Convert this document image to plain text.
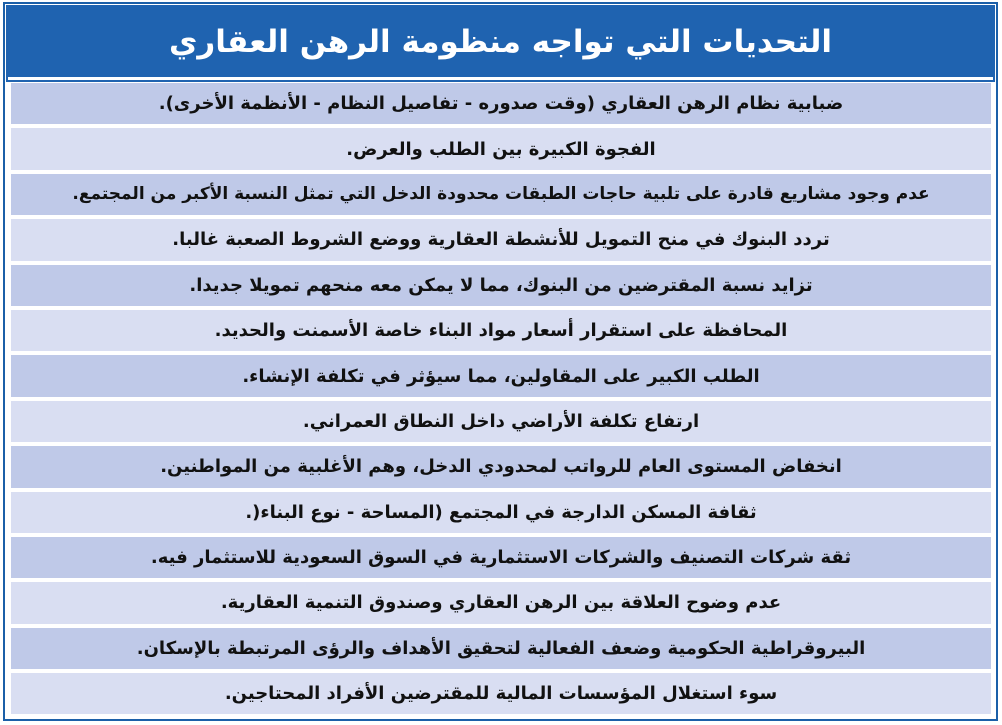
التحديات التي تواجه منظومة الرهن العقاري
ضبابية نظام الرهن العقاري (وقت صدوره - تفاصيل النظام - الأنظمة الأخرى).
الفجوة الكبيرة بين الطلب والعرض.
عدم وجود مشاريع قادرة على تلبية حاجات الطبقات محدودة الدخل التي تمثل النسبة الأكبر من المجتمع.
تردد البنوك في منح التمويل للأنشطة العقارية ووضع الشروط الصعبة غالبا.
تزايد نسبة المقترضين من البنوك، مما لا يمكن معه منحهم تمويلا جديدا.
المحافظة على استقرار أسعار مواد البناء خاصة الأسمنت والحديد.
الطلب الكبير على المقاولين، مما سيؤثر في تكلفة الإنشاء.
ارتفاع تكلفة الأراضي داخل النطاق العمراني.
انخفاض المستوى العام للرواتب لمحدودي الدخل، وهم الأغلبية من المواطنين.
ثقافة المسكن الدارجة في المجتمع (المساحة - نوع البناء(.
ثقة شركات التصنيف والشركات الاستثمارية في السوق السعودية للاستثمار فيه.
عدم وضوح العلاقة بين الرهن العقاري وصندوق التنمية العقارية.
البيروقراطية الحكومية وضعف الفعالية لتحقيق الأهداف والرؤى المرتبطة بالإسكان.
سوء استغلال المؤسسات المالية للمقترضين الأفراد المحتاجين.
